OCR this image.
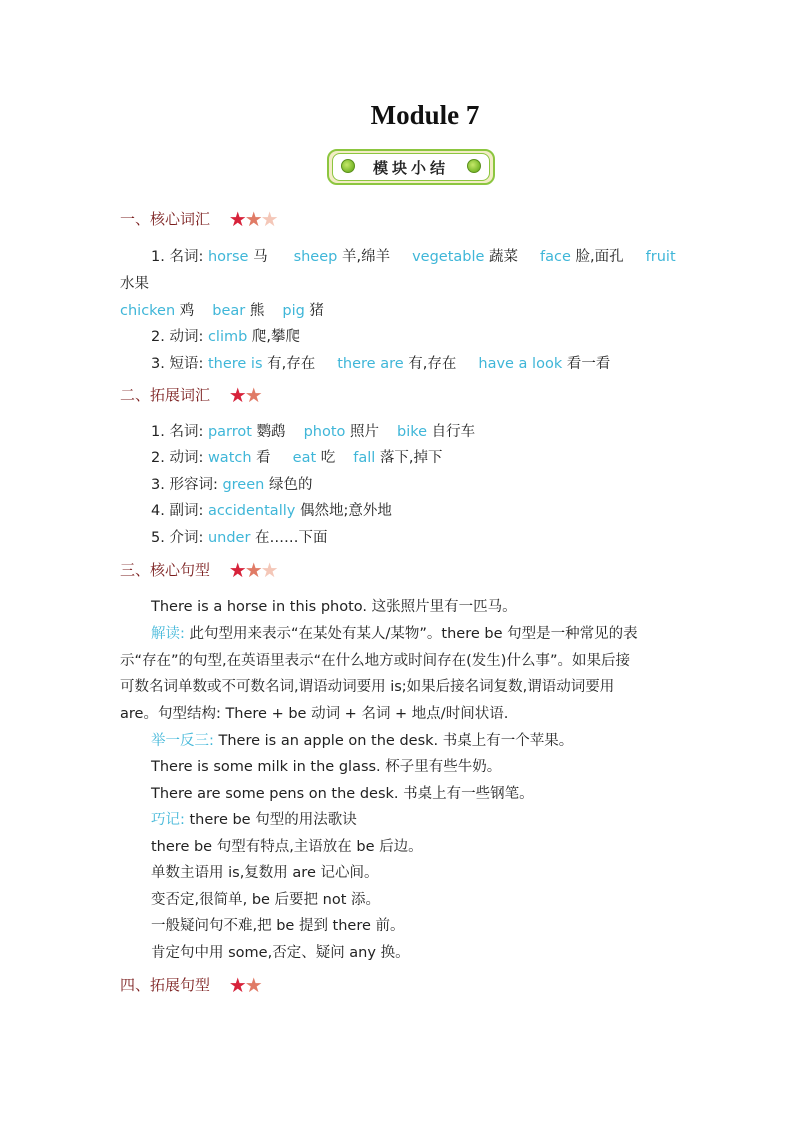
Module 7
模块小结
一、核心词汇 ★★★
1. 名词: horse 马 sheep 羊,绵羊 vegetable 蔬菜 face 脸,面孔 fruit
水果
chicken 鸡 bear 熊 pig 猪
2. 动词: climb 爬,攀爬
3. 短语: there is 有,存在 there are 有,存在 have a look 看一看
二、拓展词汇 ★★
1. 名词: parrot 鹦鹉 photo 照片 bike 自行车
2. 动词: watch 看 eat 吃 fall 落下,掉下
3. 形容词: green 绿色的
4. 副词: accidentally 偶然地;意外地
5. 介词: under 在……下面
三、核心句型 ★★★
There is a horse in this photo. 这张照片里有一匹马。
解读: 此句型用来表示“在某处有某人/某物”。there be 句型是一种常见的表
示“存在”的句型,在英语里表示“在什么地方或时间存在(发生)什么事”。如果后接
可数名词单数或不可数名词,谓语动词要用 is;如果后接名词复数,谓语动词要用
are。句型结构: There + be 动词 + 名词 + 地点/时间状语.
举一反三: There is an apple on the desk. 书桌上有一个苹果。
There is some milk in the glass. 杯子里有些牛奶。
There are some pens on the desk. 书桌上有一些钢笔。
巧记: there be 句型的用法歌诀
there be 句型有特点,主语放在 be 后边。
单数主语用 is,复数用 are 记心间。
变否定,很简单, be 后要把 not 添。
一般疑问句不难,把 be 提到 there 前。
肯定句中用 some,否定、疑问 any 换。
四、拓展句型 ★★
